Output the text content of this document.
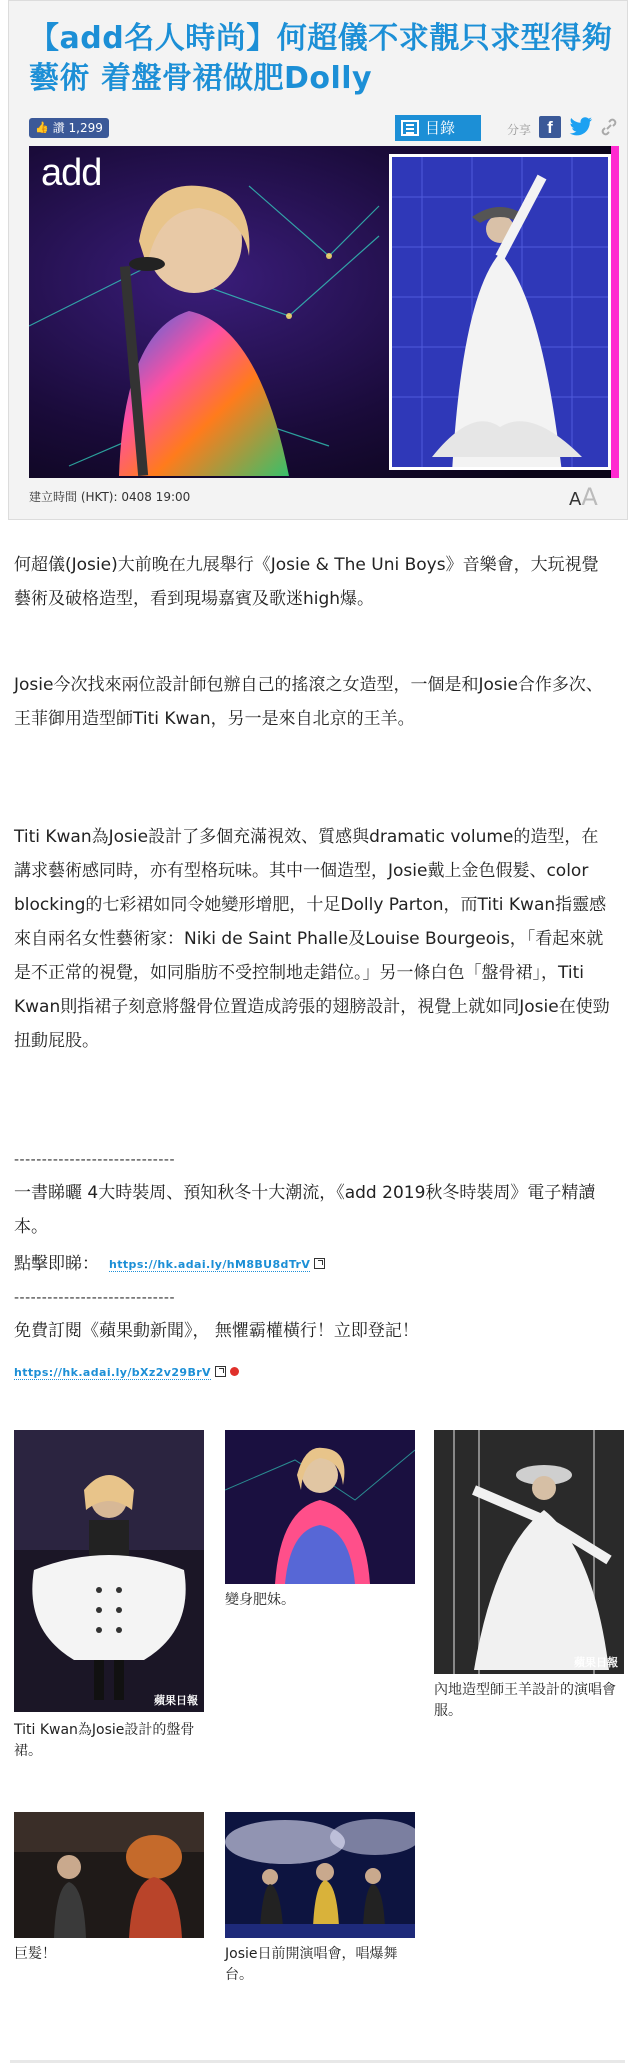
【add名人時尚】何超儀不求靚只求型得夠藝術 着盤骨裙做肥Dolly
👍 讚 1,299	目錄	分享 f
add
建立時間 (HKT): 0408 19:00	AA

何超儀(Josie)大前晚在九展舉行《Josie & The Uni Boys》音樂會，大玩視覺藝術及破格造型，看到現場嘉賓及歌迷high爆。

Josie今次找來兩位設計師包辦自己的搖滾之女造型，一個是和Josie合作多次、王菲御用造型師Titi Kwan，另一是來自北京的王羊。

Titi Kwan為Josie設計了多個充滿視效、質感與dramatic volume的造型，在講求藝術感同時，亦有型格玩味。其中一個造型，Josie戴上金色假髮、color blocking的七彩裙如同令她變形增肥，十足Dolly Parton，而Titi Kwan指靈感來自兩名女性藝術家：Niki de Saint Phalle及Louise Bourgeois，「看起來就是不正常的視覺，如同脂肪不受控制地走錯位。」另一條白色「盤骨裙」，Titi Kwan則指裙子刻意將盤骨位置造成誇張的翅膀設計，視覺上就如同Josie在使勁扭動屁股。

-----------------------------

一書睇曬 4大時裝周、預知秋冬十大潮流，《add 2019秋冬時裝周》電子精讀本。

點擊即睇： https://hk.adai.ly/hM8BU8dTrV
-----------------------------

免費訂閱《蘋果動新聞》， 無懼霸權橫行！立即登記！

https://hk.adai.ly/bXz2v29BrV
蘋果日報

Titi Kwan為Josie設計的盤骨裙。

變身肥妹。

蘋果日報

內地造型師王羊設計的演唱會服。

巨髮！	Josie日前開演唱會，唱爆舞台。
